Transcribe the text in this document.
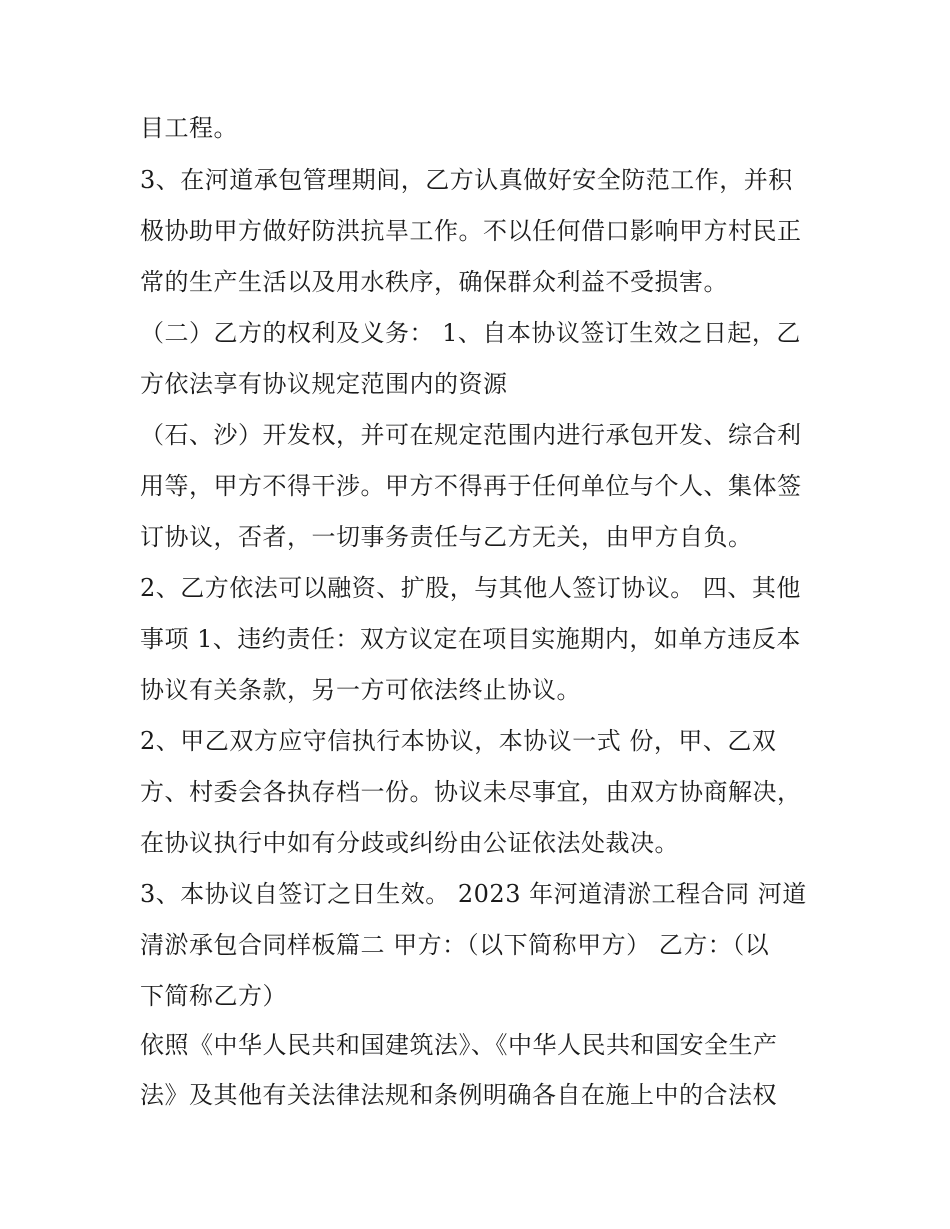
目工程。
3、在河道承包管理期间，乙方认真做好安全防范工作，并积
极协助甲方做好防洪抗旱工作。不以任何借口影响甲方村民正
常的生产生活以及用水秩序，确保群众利益不受损害。
（二）乙方的权利及义务： 1、自本协议签订生效之日起，乙
方依法享有协议规定范围内的资源
（石、沙）开发权，并可在规定范围内进行承包开发、综合利
用等，甲方不得干涉。甲方不得再于任何单位与个人、集体签
订协议，否者，一切事务责任与乙方无关，由甲方自负。
2、乙方依法可以融资、扩股，与其他人签订协议。 四、其他
事项 1、违约责任：双方议定在项目实施期内，如单方违反本
协议有关条款，另一方可依法终止协议。
2、甲乙双方应守信执行本协议，本协议一式 份，甲、乙双
方、村委会各执存档一份。协议未尽事宜，由双方协商解决，
在协议执行中如有分歧或纠纷由公证依法处裁决。
3、本协议自签订之日生效。 2023 年河道清淤工程合同 河道
清淤承包合同样板篇二 甲方：（以下简称甲方） 乙方：（以
下简称乙方）
依照《中华人民共和国建筑法》、《中华人民共和国安全生产
法》及其他有关法律法规和条例明确各自在施上中的合法权
